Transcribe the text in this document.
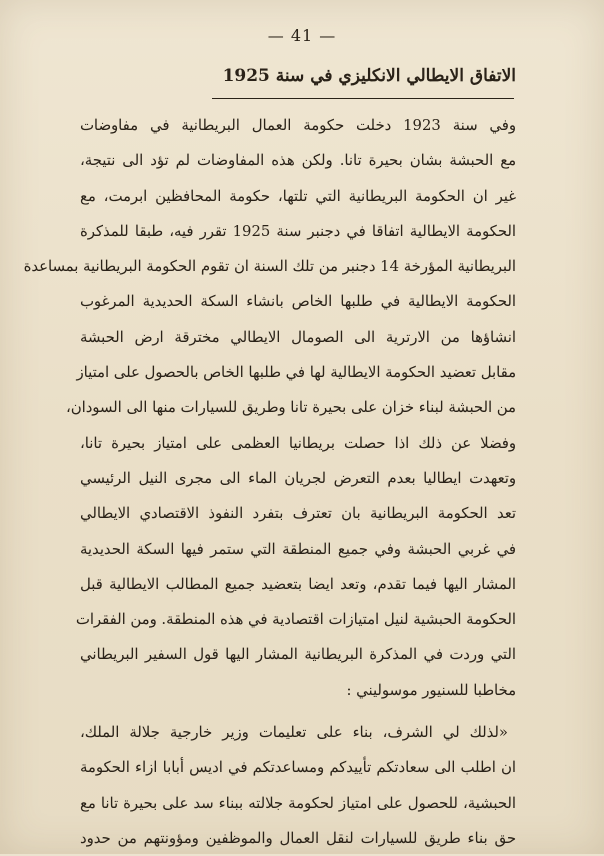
— 41 —
الاتفاق الايطالي الانكليزي في سنة 1925
وفي سنة 1923 دخلت حكومة العمال البريطانية في مفاوضات
مع الحبشة بشان بحيرة تانا. ولكن هذه المفاوضات لم تؤد الى نتيجة،
غير ان الحكومة البريطانية التي تلتها، حكومة المحافظين ابرمت، مع
الحكومة الايطالية اتفاقا في دجنبر سنة 1925 تقرر فيه، طبقا للمذكرة
البريطانية المؤرخة 14 دجنبر من تلك السنة ان تقوم الحكومة البريطانية بمساعدة
الحكومة الايطالية في طلبها الخاص بانشاء السكة الحديدية المرغوب
انشاؤها من الارترية الى الصومال الايطالي مخترقة ارض الحبشة
مقابل تعضيد الحكومة الايطالية لها في طلبها الخاص بالحصول على امتياز
من الحبشة لبناء خزان على بحيرة تانا وطريق للسيارات منها الى السودان،
وفضلا عن ذلك اذا حصلت بريطانيا العظمى على امتياز بحيرة تانا،
وتعهدت ايطاليا بعدم التعرض لجريان الماء الى مجرى النيل الرئيسي
تعد الحكومة البريطانية بان تعترف بتفرد النفوذ الاقتصادي الايطالي
في غربي الحبشة وفي جميع المنطقة التي ستمر فيها السكة الحديدية
المشار اليها فيما تقدم، وتعد ايضا بتعضيد جميع المطالب الايطالية قبل
الحكومة الحبشية لنيل امتيازات اقتصادية في هذه المنطقة. ومن الفقرات
التي وردت في المذكرة البريطانية المشار اليها قول السفير البريطاني
مخاطبا للسنيور موسوليني :
«لذلك لي الشرف، بناء على تعليمات وزير خارجية جلالة الملك،
ان اطلب الى سعادتكم تأييدكم ومساعدتكم في اديس أبابا ازاء الحكومة
الحبشية، للحصول على امتياز لحكومة جلالته ببناء سد على بحيرة تانا مع
حق بناء طريق للسيارات لنقل العمال والموظفين ومؤونتهم من حدود
